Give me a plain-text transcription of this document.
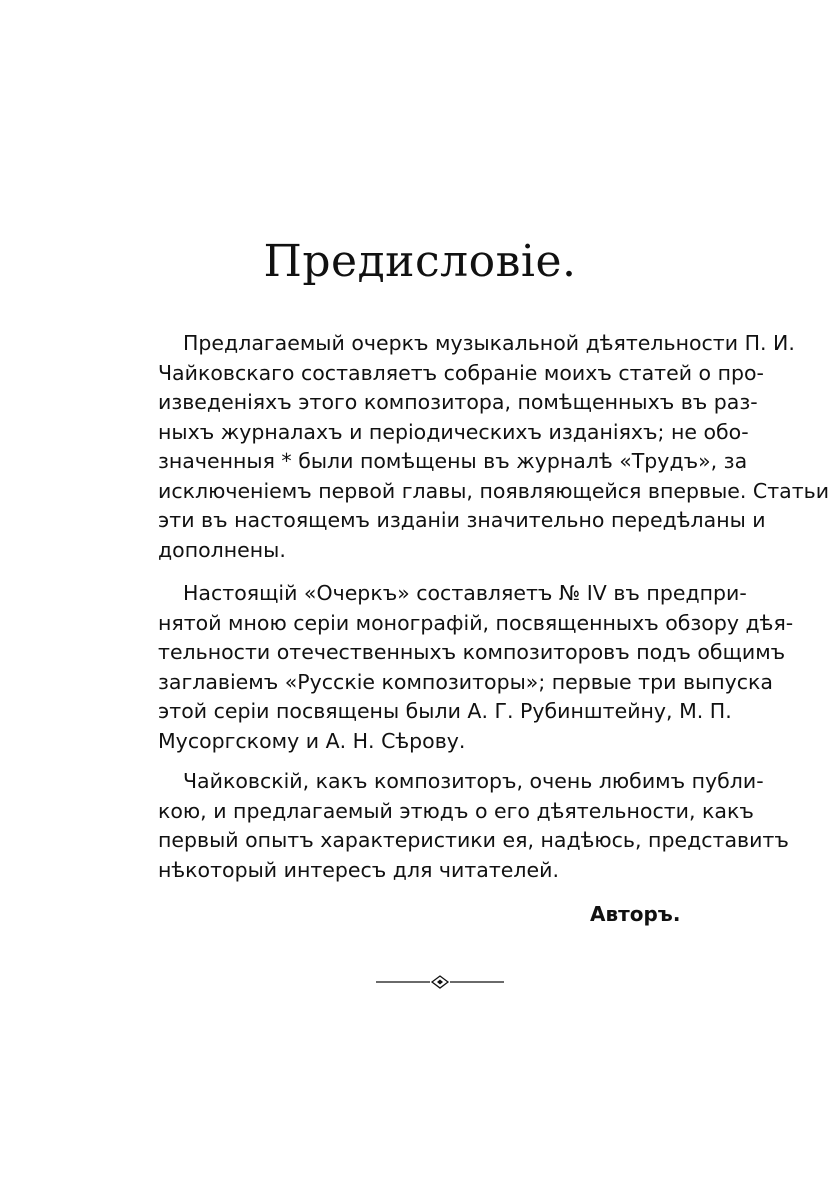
Предисловіе.
Предлагаемый очеркъ музыкальной дѣятельности П. И.
Чайковскаго составляетъ собраніе моихъ статей о про-
изведеніяхъ этого композитора, помѣщенныхъ въ раз-
ныхъ журналахъ и періодическихъ изданіяхъ; не обо-
значенныя * были помѣщены въ журналѣ «Трудъ», за
исключеніемъ первой главы, появляющейся впервые. Статьи
эти въ настоящемъ изданіи значительно передѣланы и
дополнены.
Настоящій «Очеркъ» составляетъ № IV въ предпри-
нятой мною серіи монографій, посвященныхъ обзору дѣя-
тельности отечественныхъ композиторовъ подъ общимъ
заглавіемъ «Русскіе композиторы»; первые три выпуска
этой серіи посвящены были А. Г. Рубинштейну, М. П.
Мусоргскому и А. Н. Сѣрову.
Чайковскій, какъ композиторъ, очень любимъ публи-
кою, и предлагаемый этюдъ о его дѣятельности, какъ
первый опытъ характеристики ея, надѣюсь, представитъ
нѣкоторый интересъ для читателей.
Авторъ.
